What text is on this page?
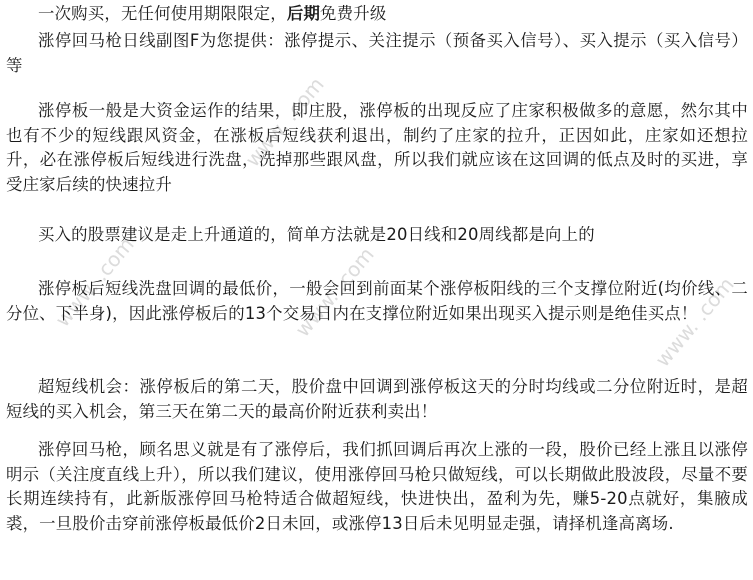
www. .com
www. .com
www. .com	www. .com

一次购买，无任何使用期限限定，后期免费升级

涨停回马枪日线副图F为您提供：涨停提示、关注提示（预备买入信号）、买入提示（买入信号）等

涨停板一般是大资金运作的结果，即庄股，涨停板的出现反应了庄家积极做多的意愿，然尔其中也有不少的短线跟风资金，在涨板后短线获利退出，制约了庄家的拉升，正因如此，庄家如还想拉升，必在涨停板后短线进行洗盘，洗掉那些跟风盘，所以我们就应该在这回调的低点及时的买进，享受庄家后续的快速拉升

买入的股票建议是走上升通道的，简单方法就是20日线和20周线都是向上的

涨停板后短线洗盘回调的最低价，一般会回到前面某个涨停板阳线的三个支撑位附近(均价线、二分位、下半身)，因此涨停板后的13个交易日内在支撑位附近如果出现买入提示则是绝佳买点！

超短线机会：涨停板后的第二天，股价盘中回调到涨停板这天的分时均线或二分位附近时，是超短线的买入机会，第三天在第二天的最高价附近获利卖出！

涨停回马枪，顾名思义就是有了涨停后，我们抓回调后再次上涨的一段，股价已经上涨且以涨停明示（关注度直线上升），所以我们建议，使用涨停回马枪只做短线，可以长期做此股波段，尽量不要长期连续持有，此新版涨停回马枪特适合做超短线，快进快出，盈利为先，赚5-20点就好，集腋成裘，一旦股价击穿前涨停板最低价2日未回，或涨停13日后未见明显走强，请择机逢高离场.
